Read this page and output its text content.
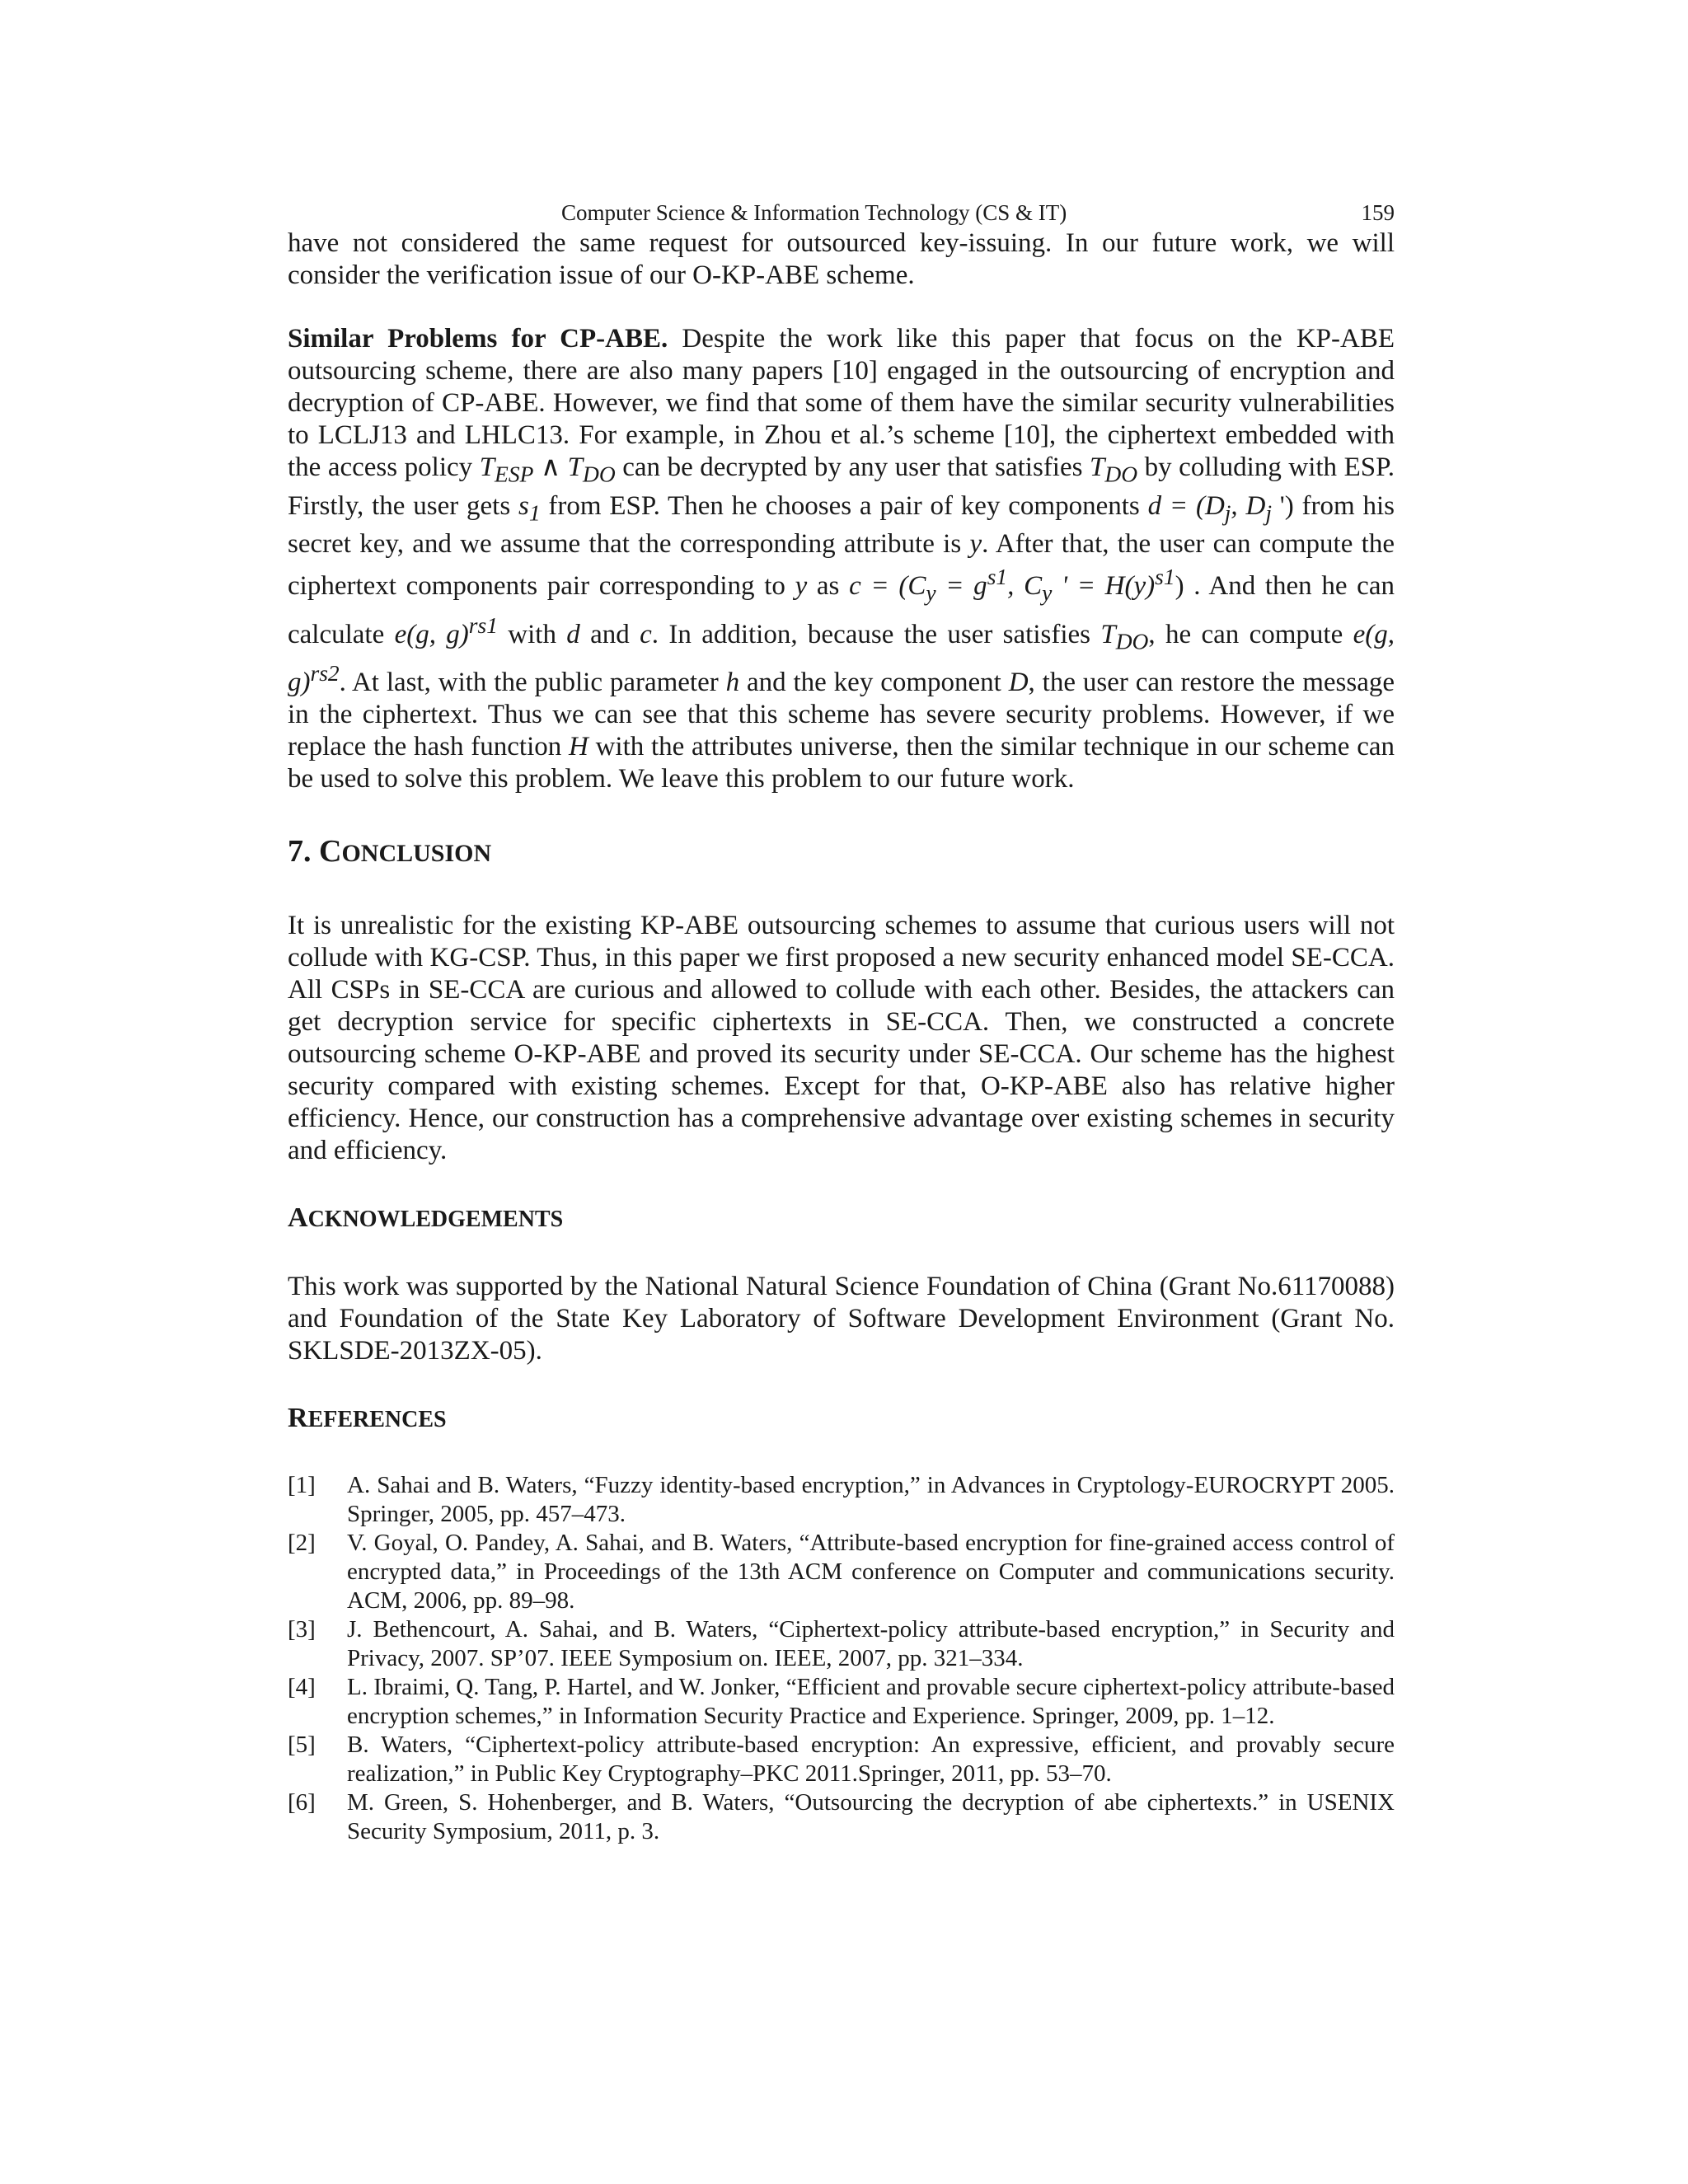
Computer Science & Information Technology (CS & IT)	159

have not considered the same request for outsourced key-issuing. In our future work, we will consider the verification issue of our O-KP-ABE scheme.

Similar Problems for CP-ABE. Despite the work like this paper that focus on the KP-ABE outsourcing scheme, there are also many papers [10] engaged in the outsourcing of encryption and decryption of CP-ABE. However, we find that some of them have the similar security vulnerabilities to LCLJ13 and LHLC13. For example, in Zhou et al.’s scheme [10], the ciphertext embedded with the access policy $T_{ESP}$ ∧ $T_{DO}$ can be decrypted by any user that satisfies $T_{DO}$ by colluding with ESP. Firstly, the user gets $s_1$ from ESP. Then he chooses a pair of key components $d = (D_j$, $D_j$ ') from his secret key, and we assume that the corresponding attribute is y. After that, the user can compute the ciphertext components pair corresponding to y as $c = (C_y = g^{s1}$, $C_y$ ' = $H(y)^{s1}$) . And then he can calculate e(g, g)$^{rs1}$ with d and c. In addition, because the user satisfies $T_{DO}$, he can compute e(g, g)$^{rs2}$. At last, with the public parameter h and the key component D, the user can restore the message in the ciphertext. Thus we can see that this scheme has severe security problems. However, if we replace the hash function H with the attributes universe, then the similar technique in our scheme can be used to solve this problem. We leave this problem to our future work.

7. CONCLUSION

It is unrealistic for the existing KP-ABE outsourcing schemes to assume that curious users will not collude with KG-CSP. Thus, in this paper we first proposed a new security enhanced model SE-CCA. All CSPs in SE-CCA are curious and allowed to collude with each other. Besides, the attackers can get decryption service for specific ciphertexts in SE-CCA. Then, we constructed a concrete outsourcing scheme O-KP-ABE and proved its security under SE-CCA. Our scheme has the highest security compared with existing schemes. Except for that, O-KP-ABE also has relative higher efficiency. Hence, our construction has a comprehensive advantage over existing schemes in security and efficiency.

ACKNOWLEDGEMENTS

This work was supported by the National Natural Science Foundation of China (Grant No.61170088) and Foundation of the State Key Laboratory of Software Development Environment (Grant No. SKLSDE-2013ZX-05).

REFERENCES
[1] A. Sahai and B. Waters, “Fuzzy identity-based encryption,” in Advances in Cryptology-EUROCRYPT 2005. Springer, 2005, pp. 457–473.
[2] V. Goyal, O. Pandey, A. Sahai, and B. Waters, “Attribute-based encryption for fine-grained access control of encrypted data,” in Proceedings of the 13th ACM conference on Computer and communications security. ACM, 2006, pp. 89–98.
[3] J. Bethencourt, A. Sahai, and B. Waters, “Ciphertext-policy attribute-based encryption,” in Security and Privacy, 2007. SP’07. IEEE Symposium on. IEEE, 2007, pp. 321–334.
[4] L. Ibraimi, Q. Tang, P. Hartel, and W. Jonker, “Efficient and provable secure ciphertext-policy attribute-based encryption schemes,” in Information Security Practice and Experience. Springer, 2009, pp. 1–12.
[5] B. Waters, “Ciphertext-policy attribute-based encryption: An expressive, efficient, and provably secure realization,” in Public Key Cryptography–PKC 2011.Springer, 2011, pp. 53–70.
[6] M. Green, S. Hohenberger, and B. Waters, “Outsourcing the decryption of abe ciphertexts.” in USENIX Security Symposium, 2011, p. 3.
